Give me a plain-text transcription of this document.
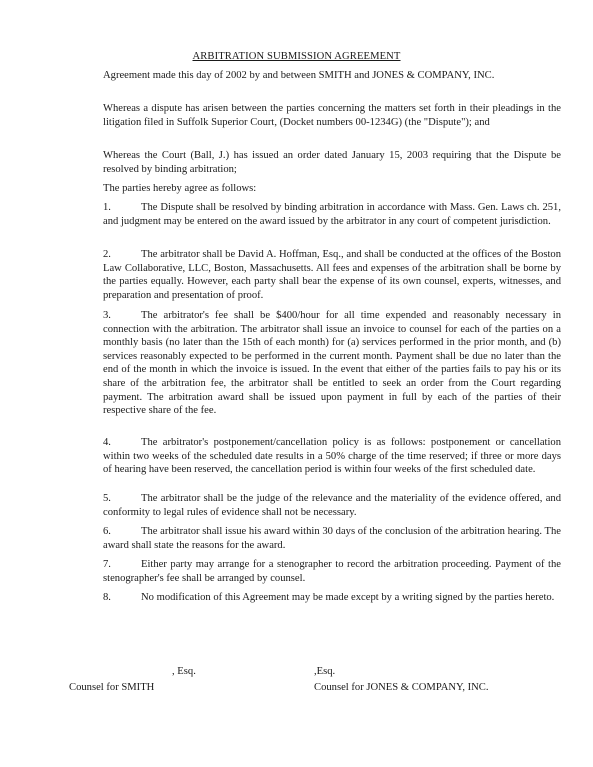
ARBITRATION SUBMISSION AGREEMENT
Agreement made this day of 2002 by and between SMITH and JONES & COMPANY, INC.
Whereas a dispute has arisen between the parties concerning the matters set forth in their pleadings in the litigation filed in Suffolk Superior Court, (Docket numbers 00-1234G) (the "Dispute"); and
Whereas the Court (Ball, J.) has issued an order dated January 15, 2003 requiring that the Dispute be resolved by binding arbitration;
The parties hereby agree as follows:
1.	The Dispute shall be resolved by binding arbitration in accordance with Mass. Gen. Laws ch. 251, and judgment may be entered on the award issued by the arbitrator in any court of competent jurisdiction.
2.	The arbitrator shall be David A. Hoffman, Esq., and shall be conducted at the offices of the Boston Law Collaborative, LLC, Boston, Massachusetts. All fees and expenses of the arbitration shall be borne by the parties equally. However, each party shall bear the expense of its own counsel, experts, witnesses, and preparation and presentation of proof.
3.	The arbitrator's fee shall be $400/hour for all time expended and reasonably necessary in connection with the arbitration. The arbitrator shall issue an invoice to counsel for each of the parties on a monthly basis (no later than the 15th of each month) for (a) services performed in the prior month, and (b) services reasonably expected to be performed in the current month. Payment shall be due no later than the end of the month in which the invoice is issued. In the event that either of the parties fails to pay his or its share of the arbitration fee, the arbitrator shall be entitled to seek an order from the Court regarding payment. The arbitration award shall be issued upon payment in full by each of the parties of their respective share of the fee.
4.	The arbitrator's postponement/cancellation policy is as follows: postponement or cancellation within two weeks of the scheduled date results in a 50% charge of the time reserved; if three or more days of hearing have been reserved, the cancellation period is within four weeks of the first scheduled date.
5.	The arbitrator shall be the judge of the relevance and the materiality of the evidence offered, and conformity to legal rules of evidence shall not be necessary.
6.	The arbitrator shall issue his award within 30 days of the conclusion of the arbitration hearing. The award shall state the reasons for the award.
7.	Either party may arrange for a stenographer to record the arbitration proceeding. Payment of the stenographer's fee shall be arranged by counsel.
8.	No modification of this Agreement may be made except by a writing signed by the parties hereto.
, Esq.
Counsel for SMITH
,Esq.
Counsel for JONES & COMPANY, INC.
